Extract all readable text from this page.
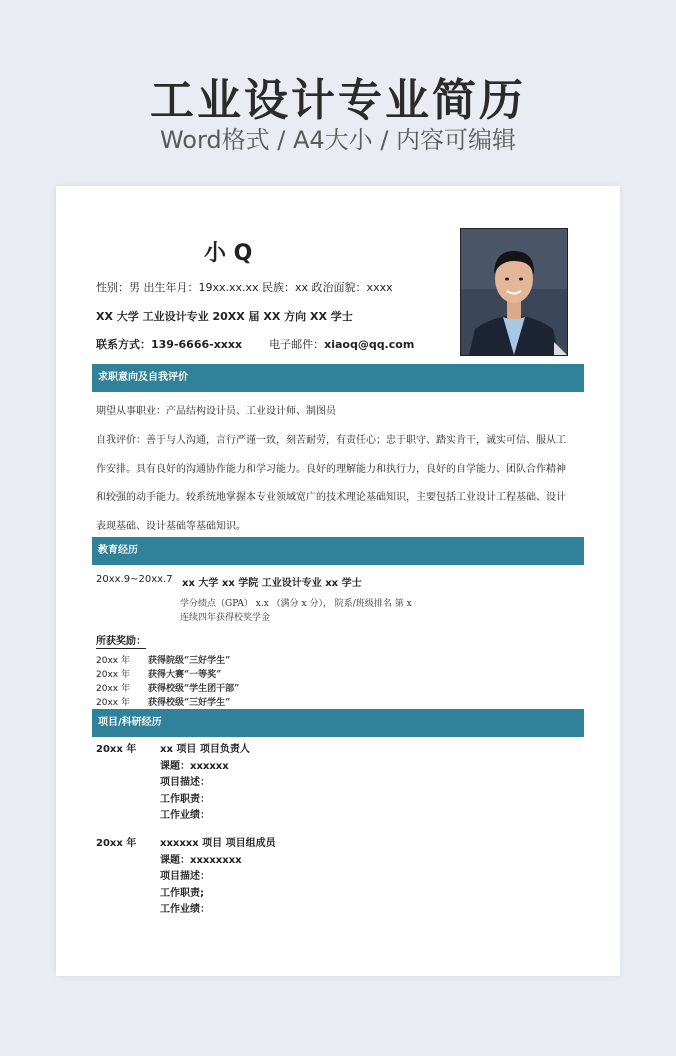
工业设计专业简历
Word格式 / A4大小 / 内容可编辑
小 Q
性别：男 出生年月：19xx.xx.xx 民族：xx 政治面貌：xxxx
XX 大学 工业设计专业 20XX 届 XX 方向 XX 学士
联系方式：139-6666-xxxx 电子邮件：xiaoq@qq.com
求职意向及自我评价
期望从事职业：产品结构设计员、工业设计师、制图员
自我评价：善于与人沟通，言行严谨一致，刻苦耐劳，有责任心；忠于职守、踏实肯干，诚实可信、服从工
作安排。具有良好的沟通协作能力和学习能力。良好的理解能力和执行力，良好的自学能力、团队合作精神
和较强的动手能力。较系统地掌握本专业领域宽广的技术理论基础知识，主要包括工业设计工程基础、设计
表现基础、设计基础等基础知识。
教育经历
20xx.9~20xx.7 xx 大学 xx 学院 工业设计专业 xx 学士
学分绩点（GPA） x.x （满分 x 分）， 院系/班级排名 第 x
连续四年获得校奖学金
所获奖励：
20xx 年 获得院级“三好学生”
20xx 年 获得大赛“一等奖”
20xx 年 获得校级“学生团干部”
20xx 年 获得校级“三好学生”
项目/科研经历
20xx 年 xx 项目 项目负责人
课题：xxxxxx
项目描述：
工作职责：
工作业绩：
20xx 年 xxxxxx 项目 项目组成员
课题：xxxxxxxx
项目描述：
工作职责;
工作业绩：
